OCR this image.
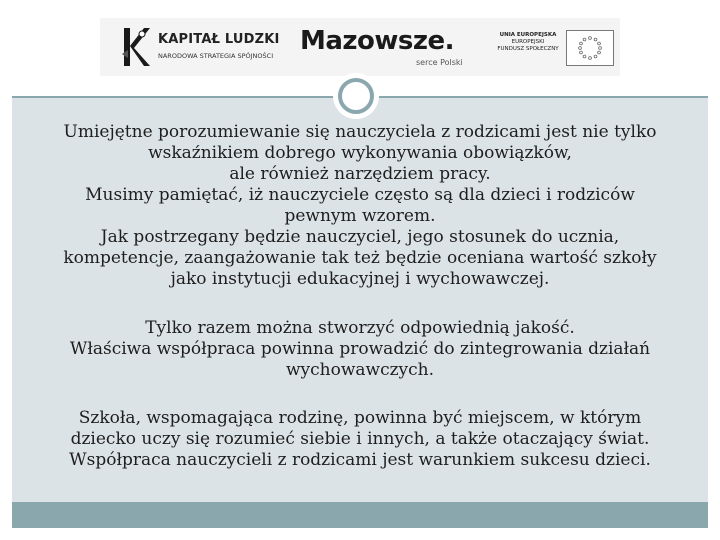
KAPITAŁ LUDZKI
NARODOWA STRATEGIA SPÓJNOŚCI Mazowsze.
serce Polski
UNIA EUROPEJSKA
EUROPEJSKI
FUNDUSZ SPOŁECZNY

Umiejętne porozumiewanie się nauczyciela z rodzicami jest nie tylko

wskaźnikiem dobrego wykonywania obowiązków,

ale również narzędziem pracy.

Musimy pamiętać, iż nauczyciele często są dla dzieci i rodziców

pewnym wzorem.

Jak postrzegany będzie nauczyciel, jego stosunek do ucznia,

kompetencje, zaangażowanie tak też będzie oceniana wartość szkoły

jako instytucji edukacyjnej i wychowawczej.

Tylko razem można stworzyć odpowiednią jakość.

Właściwa współpraca powinna prowadzić do zintegrowania działań

wychowawczych.

Szkoła, wspomagająca rodzinę, powinna być miejscem, w którym

dziecko uczy się rozumieć siebie i innych, a także otaczający świat.

Współpraca nauczycieli z rodzicami jest warunkiem sukcesu dzieci.
